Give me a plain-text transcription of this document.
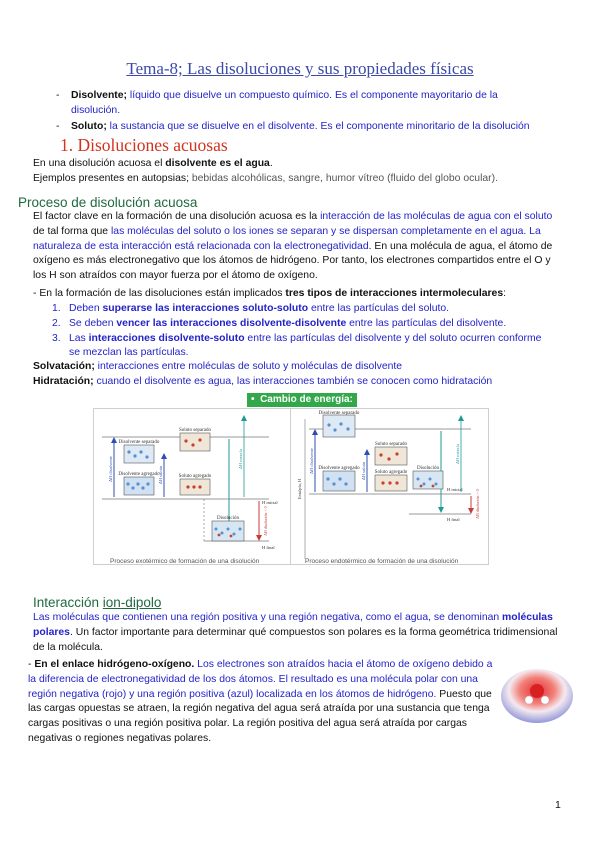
Tema-8; Las disoluciones y sus propiedades físicas
- Disolvente; líquido que disuelve un compuesto químico. Es el componente mayoritario de la disolución.
- Soluto; la sustancia que se disuelve en el disolvente. Es el componente minoritario de la disolución
1. Disoluciones acuosas
En una disolución acuosa el disolvente es el agua.
Ejemplos presentes en autopsias; bebidas alcohólicas, sangre, humor vítreo (fluido del globo ocular).
Proceso de disolución acuosa
El factor clave en la formación de una disolución acuosa es la interacción de las moléculas de agua con el soluto de tal forma que las moléculas del soluto o los iones se separan y se dispersan completamente en el agua. La naturaleza de esta interacción está relacionada con la electronegatividad. En una molécula de agua, el átomo de oxígeno es más electronegativo que los átomos de hidrógeno. Por tanto, los electrones compartidos entre el O y los H son atraídos con mayor fuerza por el átomo de oxígeno.
- En la formación de las disoluciones están implicados tres tipos de interacciones intermoleculares:
1. Deben superarse las interacciones soluto-soluto entre las partículas del soluto.
2. Se deben vencer las interacciones disolvente-disolvente entre las partículas del disolvente.
3. Las interacciones disolvente-soluto entre las partículas del disolvente y del soluto ocurren conforme se mezclan las partículas.
Solvatación; interacciones entre moléculas de soluto y moléculas de disolvente
Hidratación; cuando el disolvente es agua, las interacciones también se conocen como hidratación
•  Cambio de energía:
Disolvente separado
Soluto separado
Disolvente agregado	Soluto agregado
Disolución
H inicial
H final
ΔH disolvente	ΔH soluto
ΔH mezcla
ΔH disolución < 0
Proceso exotérmico de formación de una disolución
Disolvente separado
Soluto separado
Disolvente agregado
Soluto agregado
Disolución
Entalpía, H	H inicial
H final
ΔH disolvente	ΔH soluto
ΔH mezcla
ΔH disolución > 0
Proceso endotérmico de formación de una disolución
Interacción ion-dipolo
Las moléculas que contienen una región positiva y una región negativa, como el agua, se denominan moléculas polares. Un factor importante para determinar qué compuestos son polares es la forma geométrica tridimensional de la molécula.
- En el enlace hidrógeno-oxígeno. Los electrones son atraídos hacia el átomo de oxígeno debido a la diferencia de electronegatividad de los dos átomos. El resultado es una molécula polar con una región negativa (rojo) y una región positiva (azul) localizada en los átomos de hidrógeno. Puesto que las cargas opuestas se atraen, la región negativa del agua será atraída por una sustancia que tenga cargas positivas o una región positiva polar. La región positiva del agua será atraída por cargas negativas o regiones negativas polares.
1
